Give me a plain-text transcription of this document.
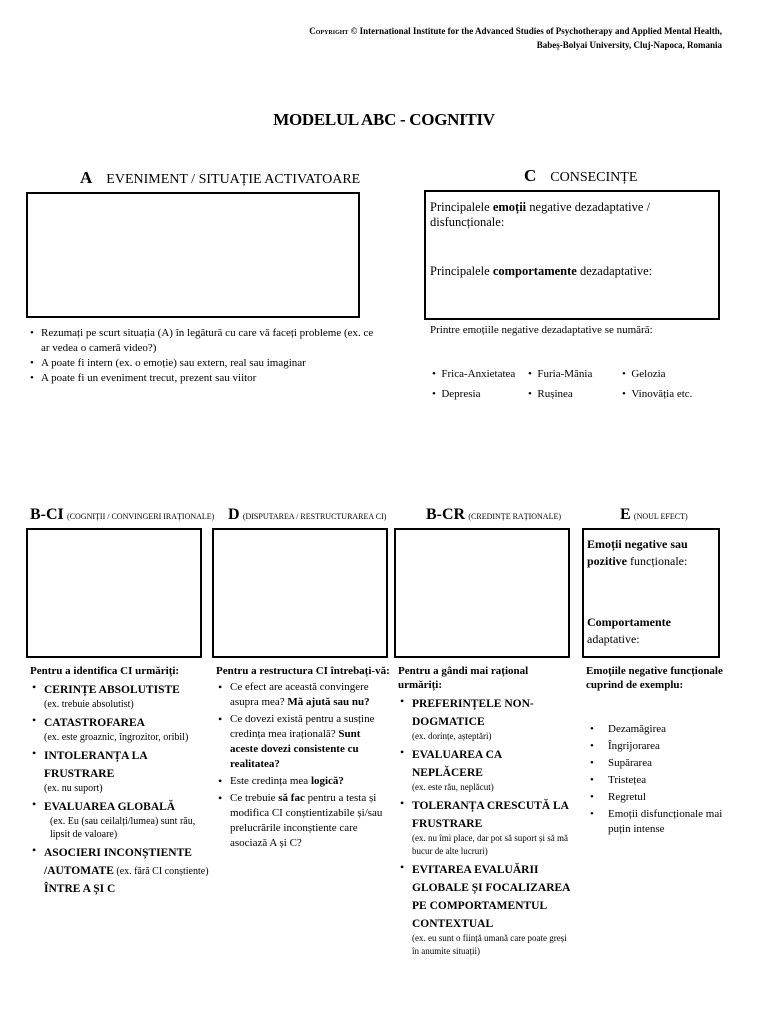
Copyright © International Institute for the Advanced Studies of Psychotherapy and Applied Mental Health,
Babeș-Bolyai University, Cluj-Napoca, Romania
MODELUL ABC - COGNITIV
A EVENIMENT / SITUAȚIE ACTIVATOARE
• Rezumați pe scurt situația (A) în legătură cu care vă faceți probleme (ex. ce ar vedea o cameră video?)
• A poate fi intern (ex. o emoție) sau extern, real sau imaginar
• A poate fi un eveniment trecut, prezent sau viitor
C CONSECINȚE
Principalele emoții negative dezadaptative / disfuncționale:
Principalele comportamente dezadaptative:
Printre emoțiile negative dezadaptative se numără:
•  Frica-Anxietatea •  Furia-Mânia	•  Gelozia
•  Depresia	•  Rușinea	•  Vinovăția etc.
B-CI (COGNIȚII / CONVINGERI IRAȚIONALE) D (DISPUTAREA / RESTRUCTURAREA CI) B-CR (CREDINȚE RAȚIONALE)	E (NOUL EFECT)
Emoții negative sau pozitive funcționale:
Comportamente adaptative:
Pentru a identifica CI urmăriți:
• CERINȚE ABSOLUTISTE
(ex. trebuie absolutist)
• CATASTROFAREA
(ex. este groaznic, îngrozitor, oribil)
• INTOLERANȚA LA FRUSTRARE
(ex. nu suport)
• EVALUAREA GLOBALĂ
(ex. Eu (sau ceilalți/lumea) sunt rău, lipsit de valoare)
• ASOCIERI INCONȘTIENTE /AUTOMATE (ex. fără CI conștiente)
ÎNTRE A ȘI C
Pentru a restructura CI întrebați-vă:
• Ce efect are această convingere asupra mea? Mă ajută sau nu?
• Ce dovezi există pentru a susține credința mea irațională? Sunt aceste dovezi consistente cu realitatea?
• Este credința mea logică?
• Ce trebuie să fac pentru a testa și modifica CI conștientizabile și/sau prelucrările inconștiente care asociază A și C?
Pentru a gândi mai rațional urmăriți:
• PREFERINȚELE NON-DOGMATICE
(ex. dorințe, așteptări)
• EVALUAREA CA NEPLĂCERE
(ex. este rău, neplăcut)
• TOLERANȚA CRESCUTĂ LA FRUSTRARE
(ex. nu îmi place, dar pot să suport și să mă bucur de alte lucruri)
• EVITAREA EVALUĂRII GLOBALE ȘI FOCALIZAREA PE COMPORTAMENTUL CONTEXTUAL
(ex. eu sunt o ființă umană care poate greși în anumite situații)
Emoțiile negative funcționale cuprind de exemplu:
• Dezamăgirea
• Îngrijorarea
• Supărarea
• Tristețea
• Regretul
• Emoții disfuncționale mai puțin intense
